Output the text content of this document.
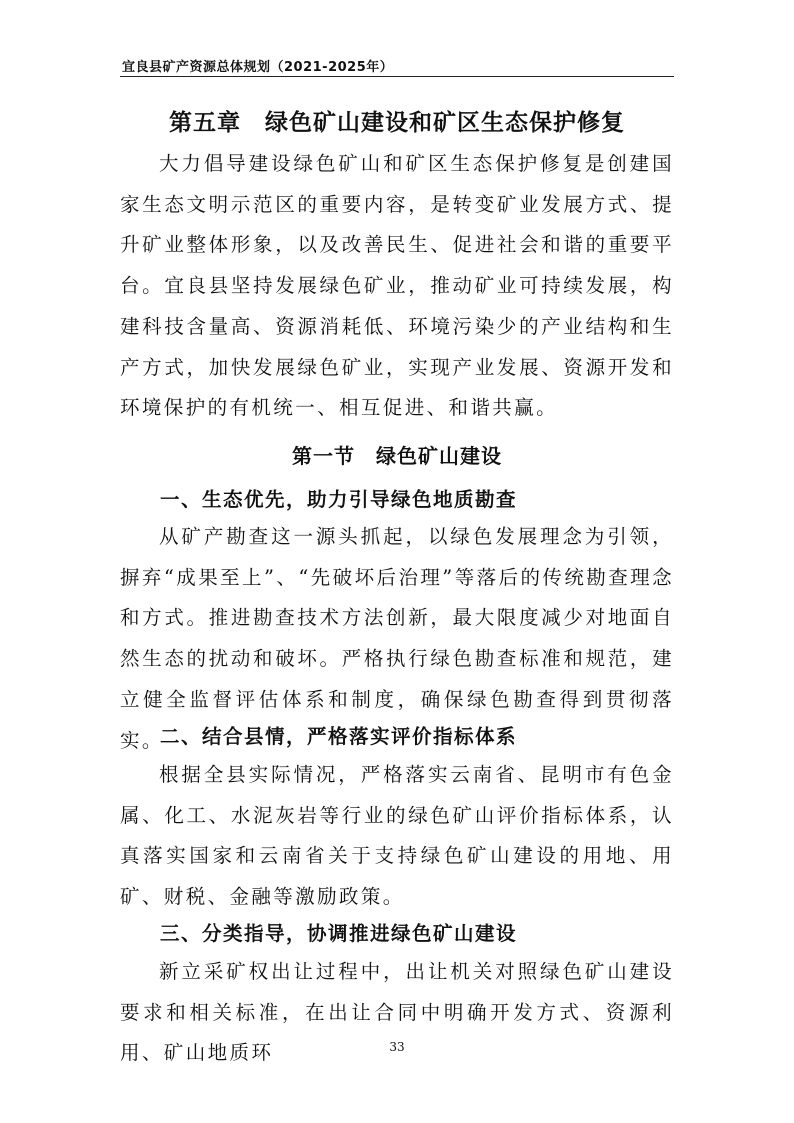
宜良县矿产资源总体规划（2021-2025年）
第五章　绿色矿山建设和矿区生态保护修复

大力倡导建设绿色矿山和矿区生态保护修复是创建国家生态文明示范区的重要内容，是转变矿业发展方式、提升矿业整体形象，以及改善民生、促进社会和谐的重要平台。宜良县坚持发展绿色矿业，推动矿业可持续发展，构建科技含量高、资源消耗低、环境污染少的产业结构和生产方式，加快发展绿色矿业，实现产业发展、资源开发和环境保护的有机统一、相互促进、和谐共赢。

第一节　绿色矿山建设
一、生态优先，助力引导绿色地质勘查

从矿产勘查这一源头抓起，以绿色发展理念为引领，摒弃“成果至上”、“先破坏后治理”等落后的传统勘查理念和方式。推进勘查技术方法创新，最大限度减少对地面自然生态的扰动和破坏。严格执行绿色勘查标准和规范，建立健全监督评估体系和制度，确保绿色勘查得到贯彻落实。

二、结合县情，严格落实评价指标体系

根据全县实际情况，严格落实云南省、昆明市有色金属、化工、水泥灰岩等行业的绿色矿山评价指标体系，认真落实国家和云南省关于支持绿色矿山建设的用地、用矿、财税、金融等激励政策。

三、分类指导，协调推进绿色矿山建设

新立采矿权出让过程中，出让机关对照绿色矿山建设要求和相关标准，在出让合同中明确开发方式、资源利用、矿山地质环	33
